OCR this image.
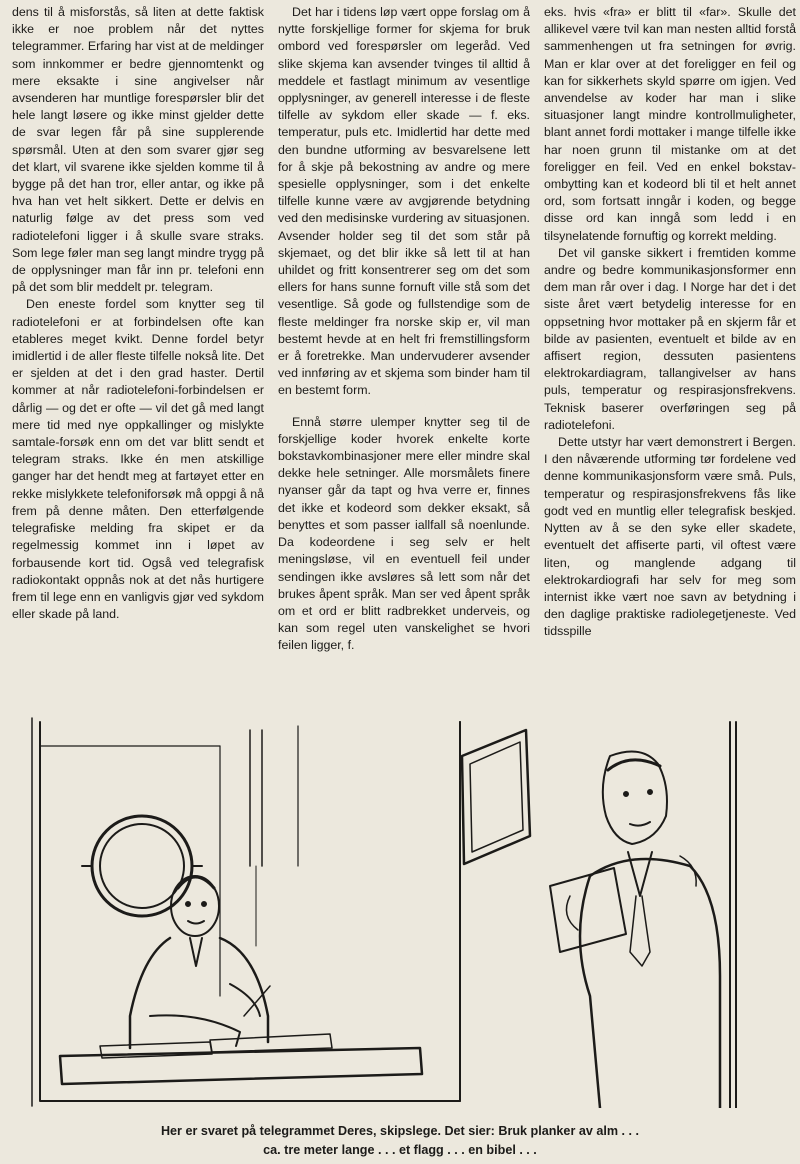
dens til å misforstås, så liten at dette faktisk ikke er noe problem når det nyttes telegrammer. Erfaring har vist at de meldinger som innkommer er bedre gjennomtenkt og mere eksakte i sine angivelser når avsenderen har muntlige forespørsler blir det hele langt løsere og ikke minst gjelder dette de svar legen får på sine supplerende spørsmål. Uten at den som svarer gjør seg det klart, vil svarene ikke sjelden komme til å bygge på det han tror, eller antar, og ikke på hva han vet helt sikkert. Dette er delvis en naturlig følge av det press som ved radiotelefoni ligger i å skulle svare straks. Som lege føler man seg langt mindre trygg på de opplysninger man får inn pr. telefoni enn på det som blir meddelt pr. telegram.

Den eneste fordel som knytter seg til radiotelefoni er at forbindelsen ofte kan etableres meget kvikt. Denne fordel betyr imidlertid i de aller fleste tilfelle nokså lite. Det er sjelden at det i den grad haster. Dertil kommer at når radiotelefoni-forbindelsen er dårlig — og det er ofte — vil det gå med langt mere tid med nye oppkallinger og mislykte samtale-forsøk enn om det var blitt sendt et telegram straks. Ikke én men atskillige ganger har det hendt meg at fartøyet etter en rekke mislykkete telefoniforsøk må oppgi å nå frem på denne måten. Den etterfølgende telegrafiske melding fra skipet er da regelmessig kommet inn i løpet av forbausende kort tid. Også ved telegrafisk radiokontakt oppnås nok at det nås hurtigere frem til lege enn en vanligvis gjør ved sykdom eller skade på land.

Det har i tidens løp vært oppe forslag om å nytte forskjellige former for skjema for bruk ombord ved forespørsler om legeråd. Ved slike skjema kan avsender tvinges til alltid å meddele et fastlagt minimum av vesentlige opplysninger, av generell interesse i de fleste tilfelle av sykdom eller skade — f. eks. temperatur, puls etc. Imidlertid har dette med den bundne utforming av besvarelsene lett for å skje på bekostning av andre og mere spesielle opplysninger, som i det enkelte tilfelle kunne være av avgjørende betydning ved den medisinske vurdering av situasjonen. Avsender holder seg til det som står på skjemaet, og det blir ikke så lett til at han uhildet og fritt konsentrerer seg om det som ellers for hans sunne fornuft ville stå som det vesentlige. Så gode og fullstendige som de fleste meldinger fra norske skip er, vil man bestemt hevde at en helt fri fremstillingsform er å foretrekke. Man undervuderer avsender ved innføring av et skjema som binder ham til en bestemt form.

Ennå større ulemper knytter seg til de forskjellige koder hvorek enkelte korte bokstavkombinasjoner mere eller mindre skal dekke hele setninger. Alle morsmålets finere nyanser går da tapt og hva verre er, finnes det ikke et kodeord som dekker eksakt, så benyttes et som passer iallfall så noenlunde. Da kodeordene i seg selv er helt meningsløse, vil en eventuell feil under sendingen ikke avsløres så lett som når det brukes åpent språk. Man ser ved åpent språk om et ord er blitt radbrekket underveis, og kan som regel uten vanskelighet se hvori feilen ligger, f.

eks. hvis «fra» er blitt til «far». Skulle det allikevel være tvil kan man nesten alltid forstå sammenhengen ut fra setningen for øvrig. Man er klar over at det foreligger en feil og kan for sikkerhets skyld spørre om igjen. Ved anvendelse av koder har man i slike situasjoner langt mindre kontrollmuligheter, blant annet fordi mottaker i mange tilfelle ikke har noen grunn til mistanke om at det foreligger en feil. Ved en enkel bokstav-ombytting kan et kodeord bli til et helt annet ord, som fortsatt inngår i koden, og begge disse ord kan inngå som ledd i en tilsynelatende fornuftig og korrekt melding.

Det vil ganske sikkert i fremtiden komme andre og bedre kommunikasjonsformer enn dem man rår over i dag. I Norge har det i det siste året vært betydelig interesse for en oppsetning hvor mottaker på en skjerm får et bilde av pasienten, eventuelt et bilde av en affisert region, dessuten pasientens elektrokardiagram, tallangivelser av hans puls, temperatur og respirasjonsfrekvens. Teknisk baserer overføringen seg på radiotelefoni.

Dette utstyr har vært demonstrert i Bergen. I den nåværende utforming tør fordelene ved denne kommunikasjonsform være små. Puls, temperatur og respirasjonsfrekvens fås like godt ved en muntlig eller telegrafisk beskjed. Nytten av å se den syke eller skadete, eventuelt det affiserte parti, vil oftest være liten, og manglende adgang til elektrokardiografi har selv for meg som internist ikke vært noe savn av betydning i den daglige praktiske radiolegetjeneste. Ved tidsspille

Her er svaret på telegrammet Deres, skipslege. Det sier: Bruk planker av alm . . .
ca. tre meter lange . . . et flagg . . . en bibel . . .
